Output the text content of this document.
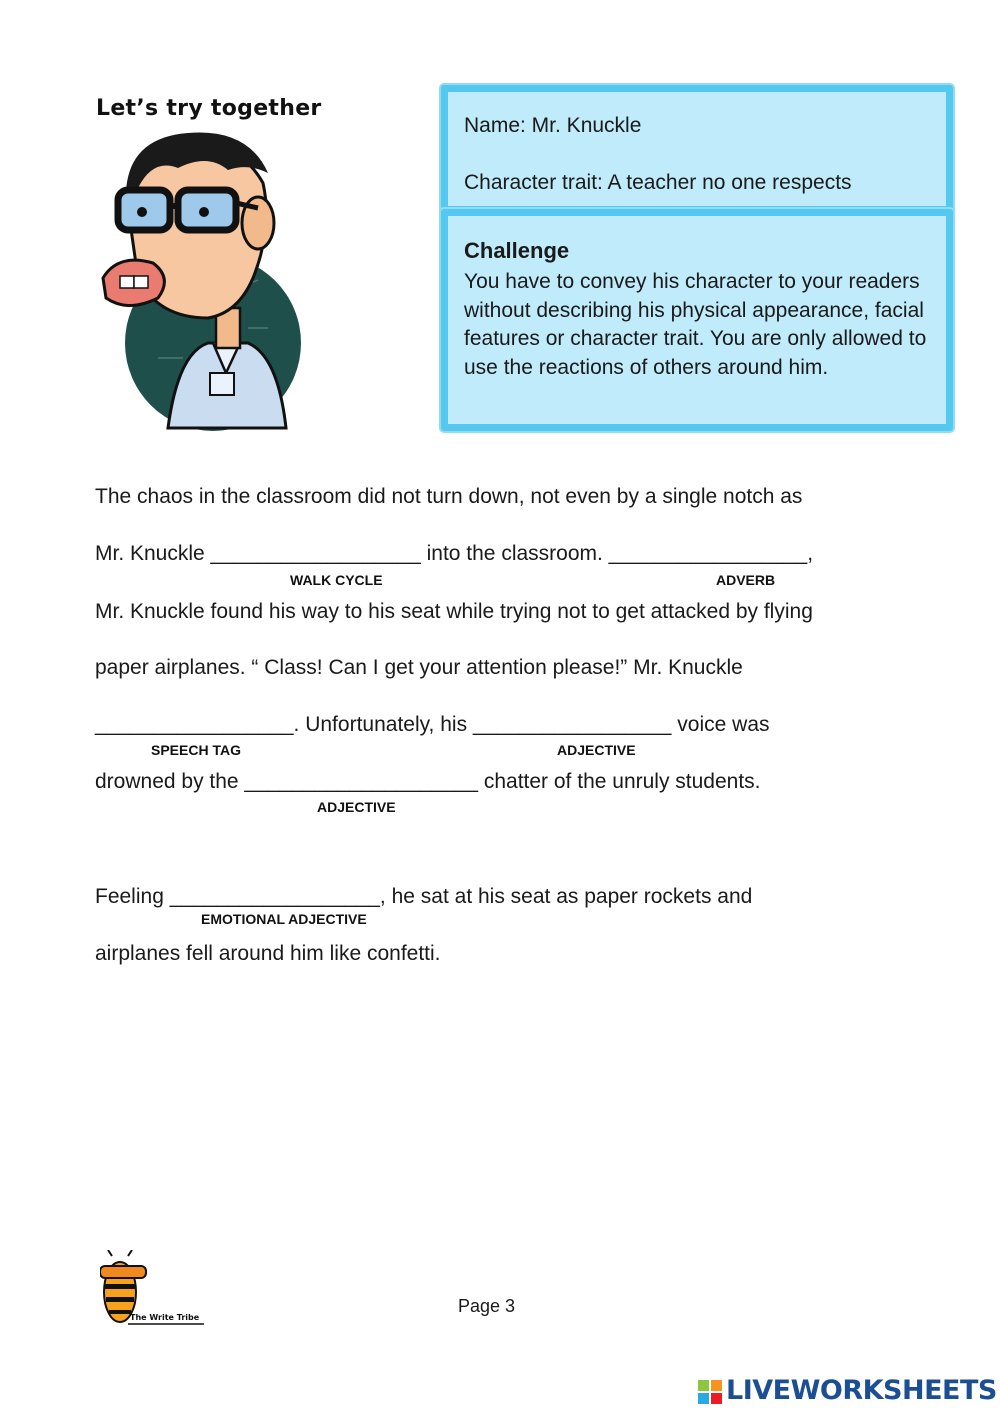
Let’s try together
Name: Mr. Knuckle
Character trait: A teacher no one respects
Challenge
You have to convey his character to your readers without describing his physical appearance, facial features or character trait. You are only allowed to use the reactions of others around him.
The chaos in the classroom did not turn down, not even by a single notch as
Mr. Knuckle __________________ into the classroom. _________________,
WALK CYCLE	ADVERB
Mr. Knuckle found his way to his seat while trying not to get attacked by flying
paper airplanes. “ Class! Can I get your attention please!” Mr. Knuckle
_________________. Unfortunately, his _________________ voice was
SPEECH TAG	ADJECTIVE
drowned by the ____________________ chatter of the unruly students.
ADJECTIVE
Feeling __________________, he sat at his seat as paper rockets and
EMOTIONAL ADJECTIVE
airplanes fell around him like confetti.
The Write Tribe
Page 3
LIVEWORKSHEETS
